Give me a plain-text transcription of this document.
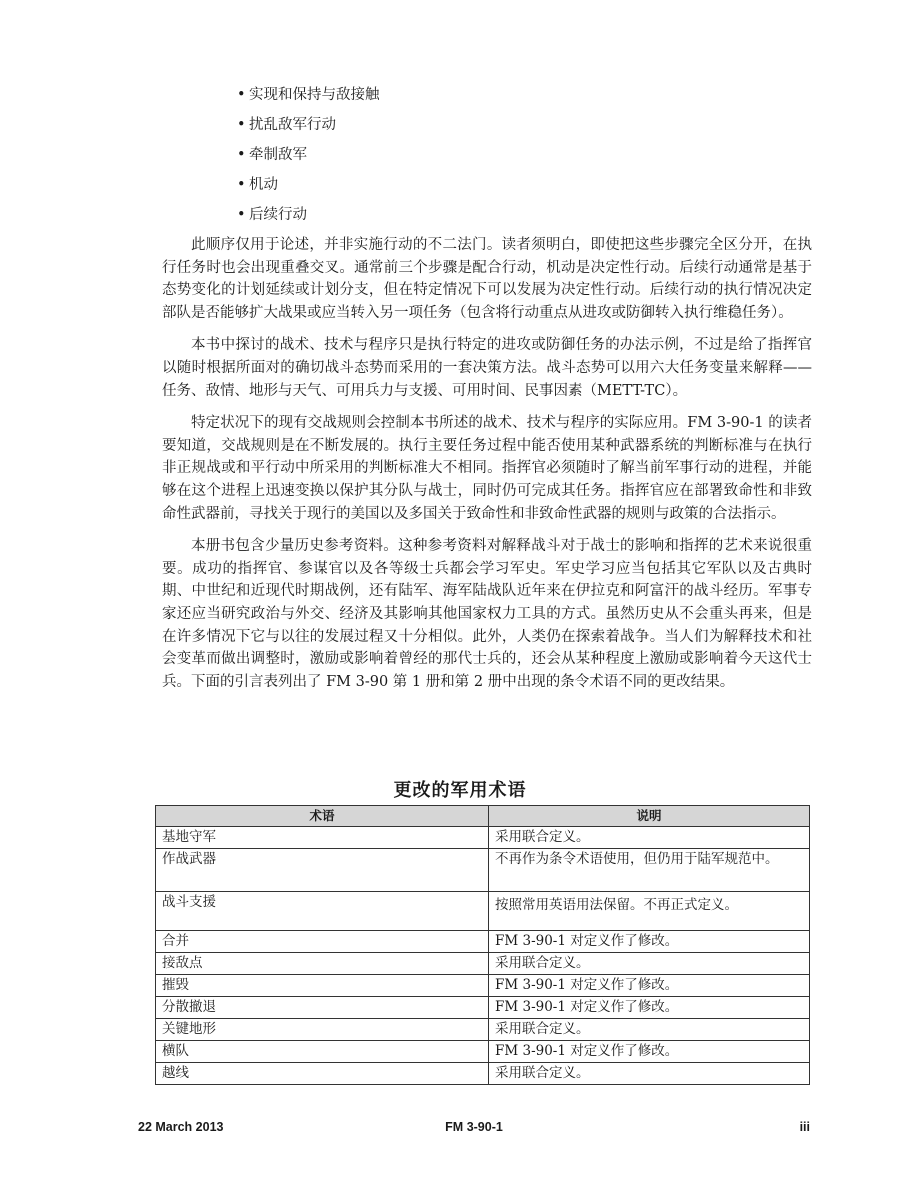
• 实现和保持与敌接触
• 扰乱敌军行动
• 牵制敌军
• 机动
• 后续行动

此顺序仅用于论述，并非实施行动的不二法门。读者须明白，即使把这些步骤完全区分开，在执行任务时也会出现重叠交叉。通常前三个步骤是配合行动，机动是决定性行动。后续行动通常是基于态势变化的计划延续或计划分支，但在特定情况下可以发展为决定性行动。后续行动的执行情况决定部队是否能够扩大战果或应当转入另一项任务（包含将行动重点从进攻或防御转入执行维稳任务）。

本书中探讨的战术、技术与程序只是执行特定的进攻或防御任务的办法示例，不过是给了指挥官以随时根据所面对的确切战斗态势而采用的一套决策方法。战斗态势可以用六大任务变量来解释——任务、敌情、地形与天气、可用兵力与支援、可用时间、民事因素（METT-TC）。

特定状况下的现有交战规则会控制本书所述的战术、技术与程序的实际应用。FM 3-90-1 的读者要知道，交战规则是在不断发展的。执行主要任务过程中能否使用某种武器系统的判断标准与在执行非正规战或和平行动中所采用的判断标准大不相同。指挥官必须随时了解当前军事行动的进程，并能够在这个进程上迅速变换以保护其分队与战士，同时仍可完成其任务。指挥官应在部署致命性和非致命性武器前，寻找关于现行的美国以及多国关于致命性和非致命性武器的规则与政策的合法指示。

本册书包含少量历史参考资料。这种参考资料对解释战斗对于战士的影响和指挥的艺术来说很重要。成功的指挥官、参谋官以及各等级士兵都会学习军史。军史学习应当包括其它军队以及古典时期、中世纪和近现代时期战例，还有陆军、海军陆战队近年来在伊拉克和阿富汗的战斗经历。军事专家还应当研究政治与外交、经济及其影响其他国家权力工具的方式。虽然历史从不会重头再来，但是在许多情况下它与以往的发展过程又十分相似。此外，人类仍在探索着战争。当人们为解释技术和社会变革而做出调整时，激励或影响着曾经的那代士兵的，还会从某种程度上激励或影响着今天这代士兵。下面的引言表列出了 FM 3-90 第 1 册和第 2 册中出现的条令术语不同的更改结果。

更改的军用术语
术语	说明
基地守军	采用联合定义。
作战武器	不再作为条令术语使用，但仍用于陆军规范中。
战斗支援	按照常用英语用法保留。不再正式定义。
合并	FM 3-90-1 对定义作了修改。
接敌点	采用联合定义。
摧毁	FM 3-90-1 对定义作了修改。
分散撤退	FM 3-90-1 对定义作了修改。
关键地形	采用联合定义。
横队	FM 3-90-1 对定义作了修改。
越线	采用联合定义。
22 March 2013	FM 3-90-1	iii
